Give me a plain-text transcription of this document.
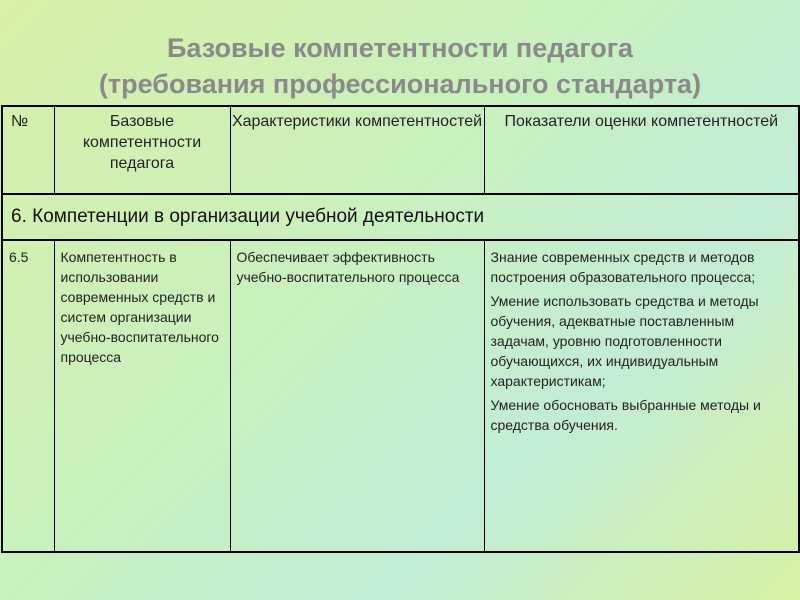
Базовые компетентности педагога
(требования профессионального стандарта)
№	Базовые компетентности педагога	Характеристики компетентностей	Показатели оценки компетентностей
6. Компетенции в организации учебной деятельности			
6.5	Компетентность в использовании современных средств и систем организации учебно-воспитательного процесса	Обеспечивает эффективность учебно-воспитательного процесса	Знание современных средств и методов построения образовательного процесса;

Умение использовать средства и методы обучения, адекватные поставленным задачам, уровню подготовленности обучающихся, их индивидуальным характеристикам;

Умение обосновать выбранные методы и средства обучения.
